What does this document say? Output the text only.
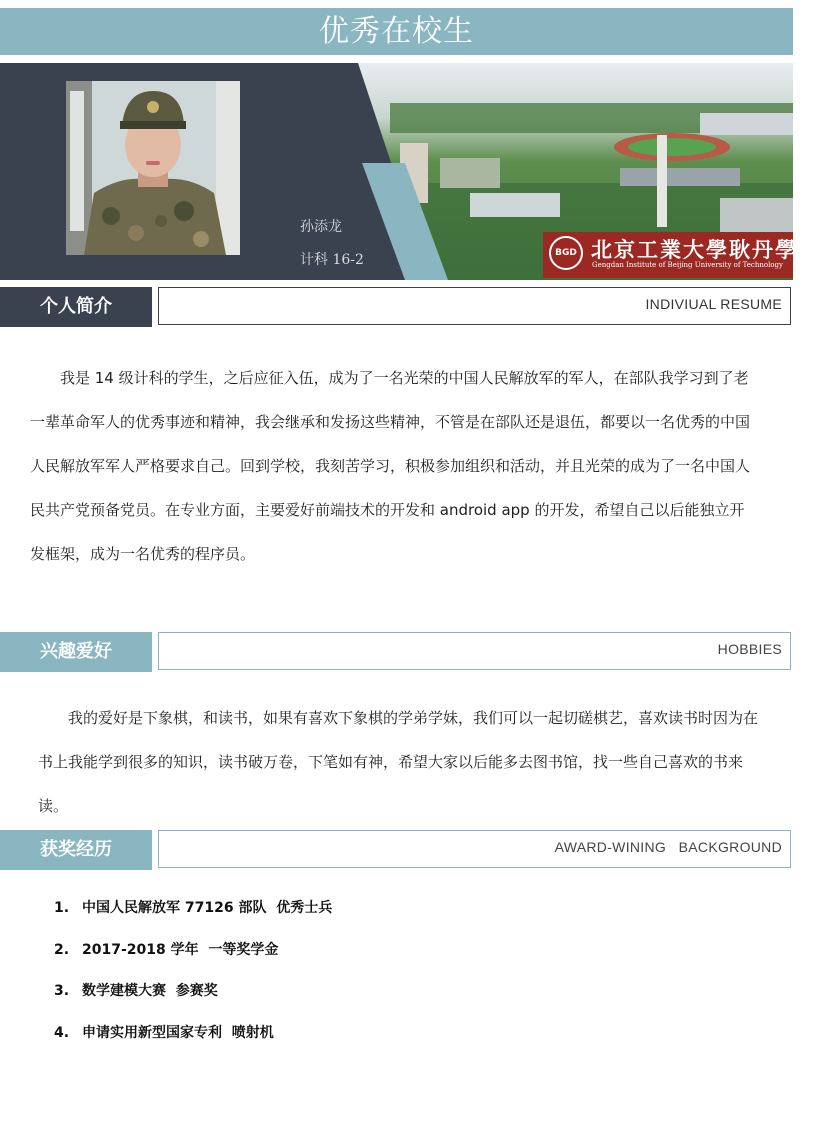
优秀在校生
孙添龙
计科 16-2	BGD 北京工業大學耿丹學院
Gengdan Institute of Beijing University of Technology
个人简介	INDIVIUAL RESUME

我是 14 级计科的学生，之后应征入伍，成为了一名光荣的中国人民解放军的军人，在部队我学习到了老一辈革命军人的优秀事迹和精神，我会继承和发扬这些精神，不管是在部队还是退伍，都要以一名优秀的中国人民解放军军人严格要求自己。回到学校，我刻苦学习，积极参加组织和活动，并且光荣的成为了一名中国人民共产党预备党员。在专业方面，主要爱好前端技术的开发和 android app 的开发，希望自己以后能独立开发框架，成为一名优秀的程序员。

兴趣爱好	HOBBIES

我的爱好是下象棋，和读书，如果有喜欢下象棋的学弟学妹，我们可以一起切磋棋艺，喜欢读书时因为在书上我能学到很多的知识，读书破万卷，下笔如有神，希望大家以后能多去图书馆，找一些自己喜欢的书来读。

获奖经历	AWARD-WINING   BACKGROUND
1. 中国人民解放军 77126 部队  优秀士兵
2. 2017-2018 学年  一等奖学金
3. 数学建模大赛  参赛奖
4. 申请实用新型国家专利  喷射机
